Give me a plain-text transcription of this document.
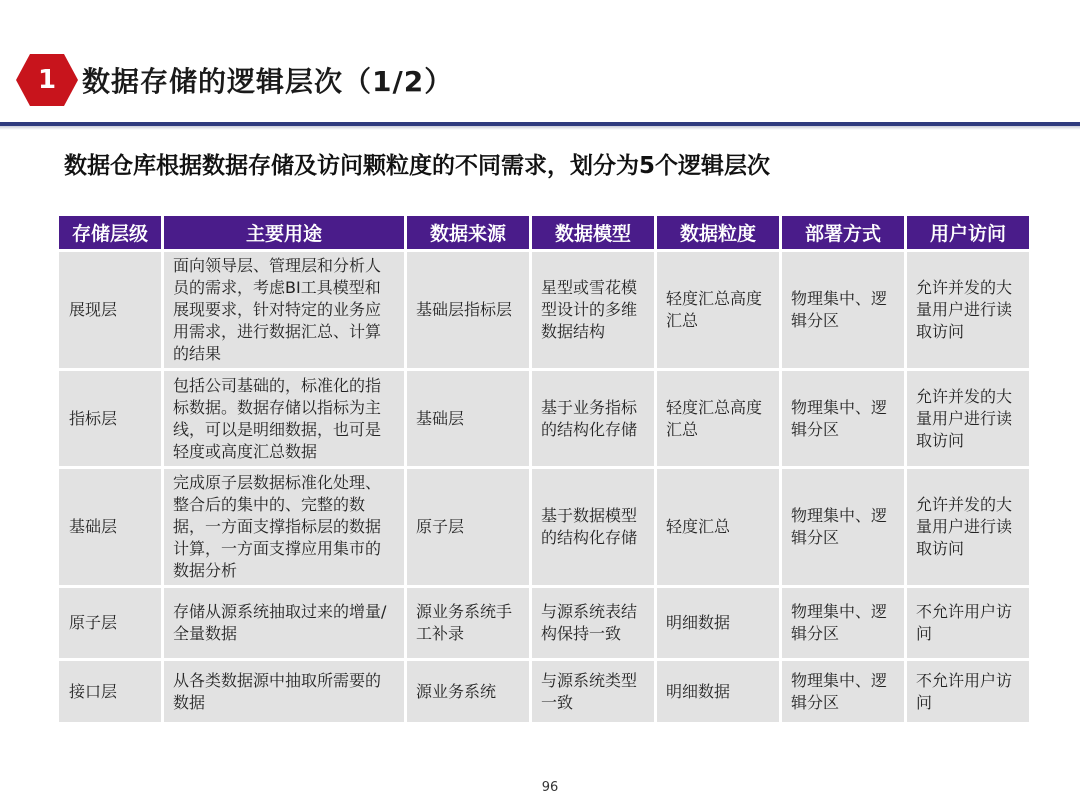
1 数据存储的逻辑层次（1/2）
数据仓库根据数据存储及访问颗粒度的不同需求，划分为5个逻辑层次
存储层级	主要用途	数据来源	数据模型	数据粒度	部署方式	用户访问
展现层	面向领导层、管理层和分析人员的需求，考虑BI工具模型和展现要求，针对特定的业务应用需求，进行数据汇总、计算的结果	基础层指标层	星型或雪花模型设计的多维数据结构	轻度汇总高度汇总	物理集中、逻辑分区	允许并发的大量用户进行读取访问
指标层	包括公司基础的，标准化的指标数据。数据存储以指标为主线，可以是明细数据，也可是轻度或高度汇总数据	基础层	基于业务指标的结构化存储	轻度汇总高度汇总	物理集中、逻辑分区	允许并发的大量用户进行读取访问
基础层	完成原子层数据标准化处理、整合后的集中的、完整的数据，一方面支撑指标层的数据计算，一方面支撑应用集市的数据分析	原子层	基于数据模型的结构化存储	轻度汇总	物理集中、逻辑分区	允许并发的大量用户进行读取访问
原子层	存储从源系统抽取过来的增量/全量数据	源业务系统手工补录	与源系统表结构保持一致	明细数据	物理集中、逻辑分区	不允许用户访问
接口层	从各类数据源中抽取所需要的数据	源业务系统	与源系统类型一致	明细数据	物理集中、逻辑分区	不允许用户访问
96
